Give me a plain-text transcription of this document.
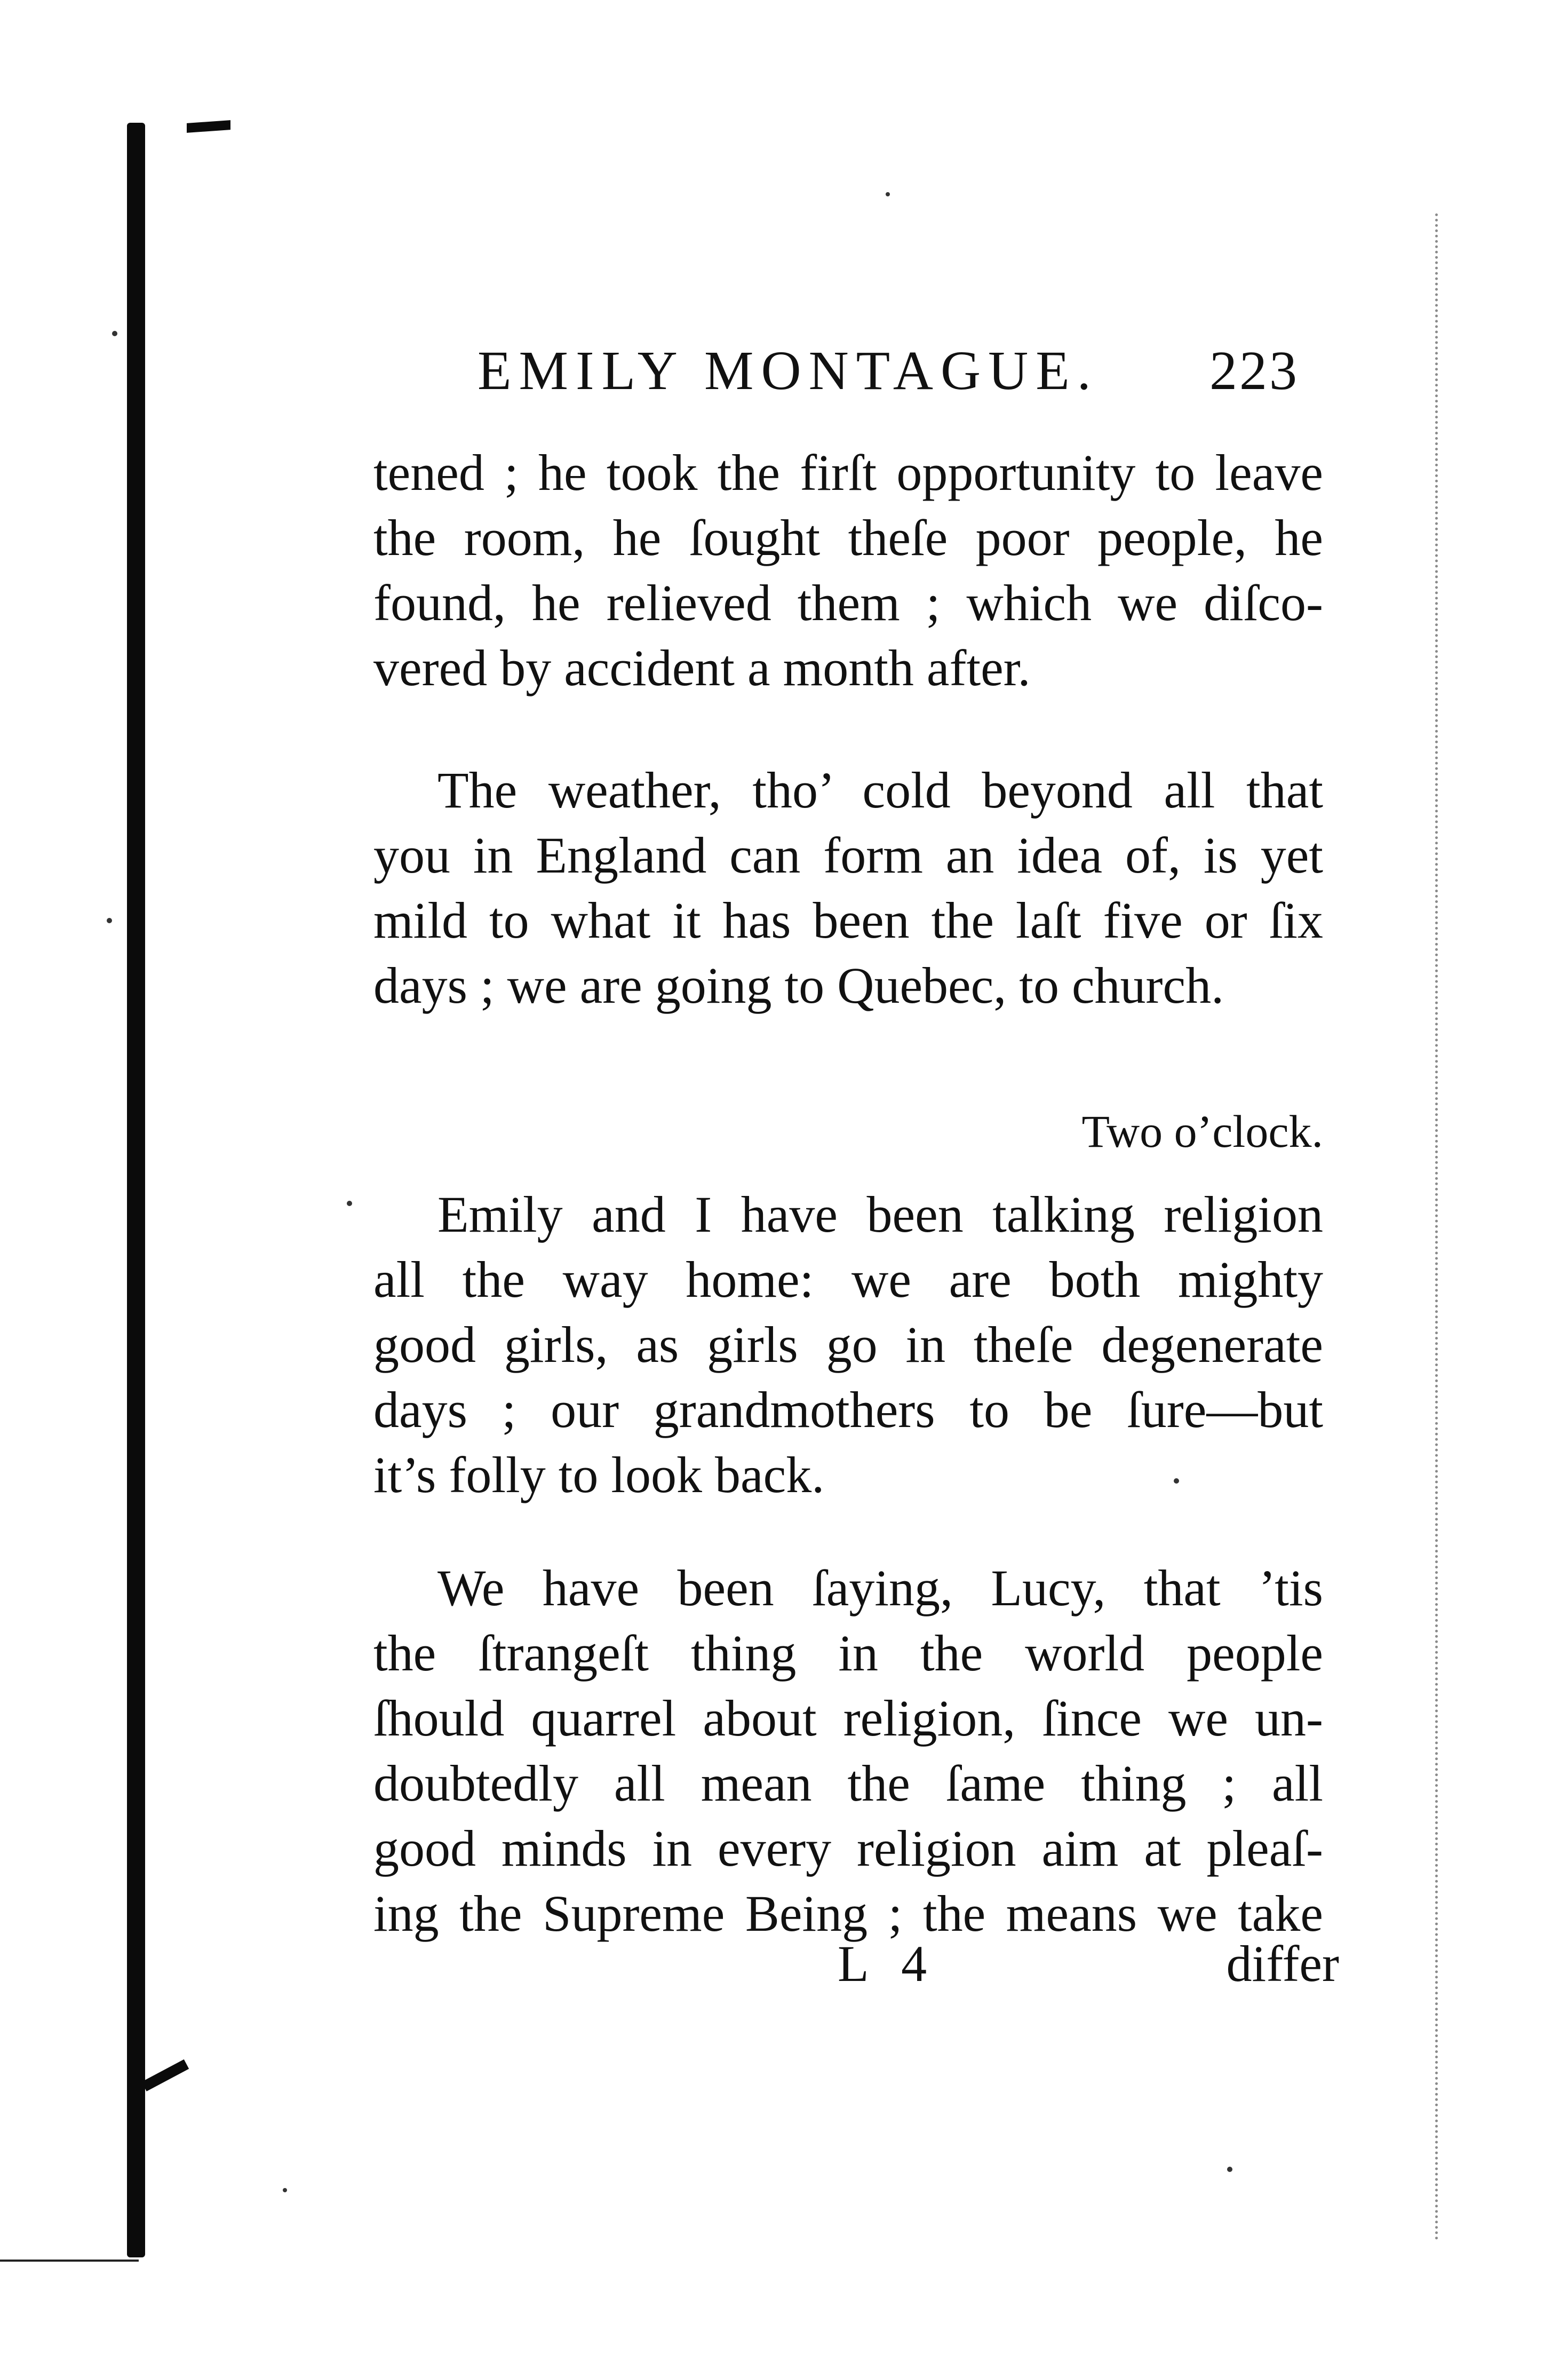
EMILY MONTAGUE. 223
tened ; he took the firſt opportunity to leave
the room, he ſought theſe poor people, he
found, he relieved them ; which we diſco-
vered by accident a month after.
The weather, tho’ cold beyond all that
you in England can form an idea of, is yet
mild to what it has been the laſt five or ſix
days ; we are going to Quebec, to church.
Two o’clock.
Emily and I have been talking religion
all the way home: we are both mighty
good girls, as girls go in theſe degenerate
days ; our grandmothers to be ſure—but
it’s folly to look back.
We have been ſaying, Lucy, that ’tis
the ſtrangeſt thing in the world people
ſhould quarrel about religion, ſince we un-
doubtedly all mean the ſame thing ; all
good minds in every religion aim at pleaſ-
ing the Supreme Being ; the means we take
L 4	differ
